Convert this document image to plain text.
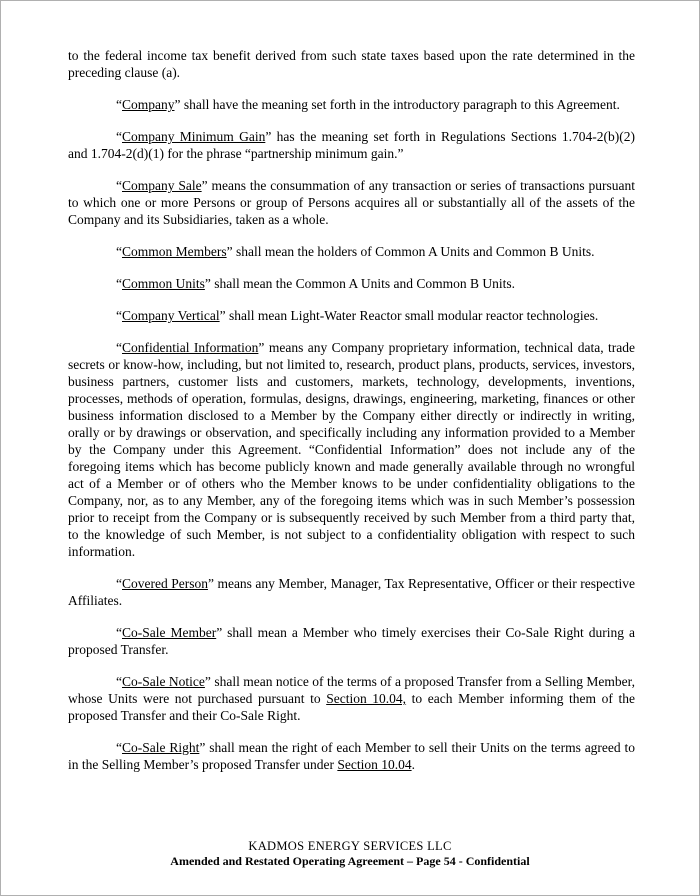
to the federal income tax benefit derived from such state taxes based upon the rate determined in the preceding clause (a).

“Company” shall have the meaning set forth in the introductory paragraph to this Agreement.

“Company Minimum Gain” has the meaning set forth in Regulations Sections 1.704-2(b)(2) and 1.704-2(d)(1) for the phrase “partnership minimum gain.”

“Company Sale” means the consummation of any transaction or series of transactions pursuant to which one or more Persons or group of Persons acquires all or substantially all of the assets of the Company and its Subsidiaries, taken as a whole.

“Common Members” shall mean the holders of Common A Units and Common B Units.

“Common Units” shall mean the Common A Units and Common B Units.

“Company Vertical” shall mean Light-Water Reactor small modular reactor technologies.

“Confidential Information” means any Company proprietary information, technical data, trade secrets or know-how, including, but not limited to, research, product plans, products, services, investors, business partners, customer lists and customers, markets, technology, developments, inventions, processes, methods of operation, formulas, designs, drawings, engineering, marketing, finances or other business information disclosed to a Member by the Company either directly or indirectly in writing, orally or by drawings or observation, and specifically including any information provided to a Member by the Company under this Agreement. “Confidential Information” does not include any of the foregoing items which has become publicly known and made generally available through no wrongful act of a Member or of others who the Member knows to be under confidentiality obligations to the Company, nor, as to any Member, any of the foregoing items which was in such Member’s possession prior to receipt from the Company or is subsequently received by such Member from a third party that, to the knowledge of such Member, is not subject to a confidentiality obligation with respect to such information.

“Covered Person” means any Member, Manager, Tax Representative, Officer or their respective Affiliates.

“Co-Sale Member” shall mean a Member who timely exercises their Co-Sale Right during a proposed Transfer.

“Co-Sale Notice” shall mean notice of the terms of a proposed Transfer from a Selling Member, whose Units were not purchased pursuant to Section 10.04, to each Member informing them of the proposed Transfer and their Co-Sale Right.

“Co-Sale Right” shall mean the right of each Member to sell their Units on the terms agreed to in the Selling Member’s proposed Transfer under Section 10.04.

KADMOS ENERGY SERVICES LLC
Amended and Restated Operating Agreement – Page 54 - Confidential
